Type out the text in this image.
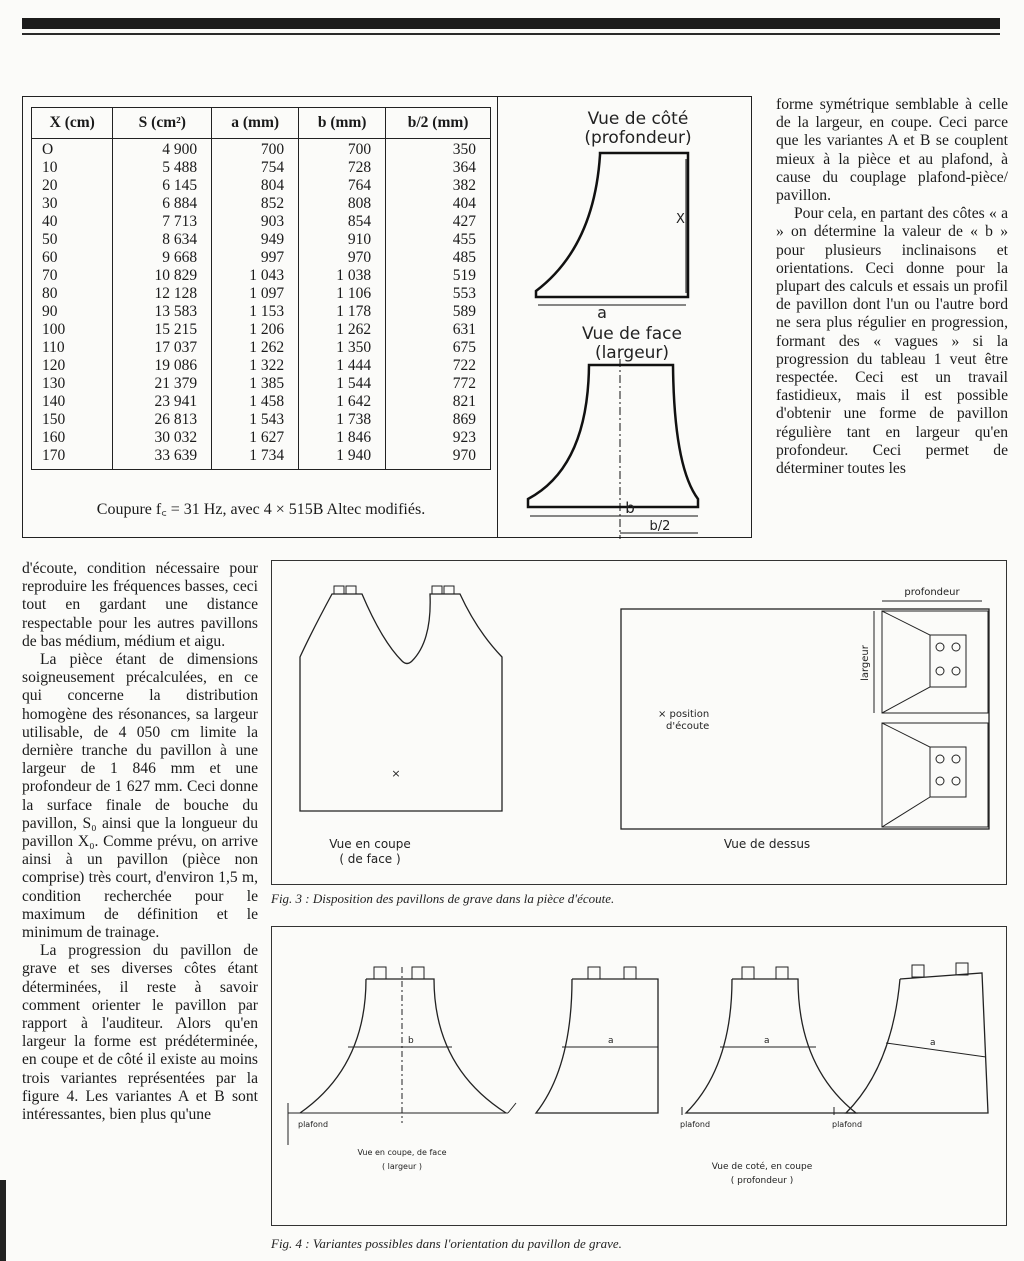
X (cm)	S (cm²)	a (mm)	b (mm)	b/2 (mm)
O	4 900	700	700	350
10	5 488	754	728	364
20	6 145	804	764	382
30	6 884	852	808	404
40	7 713	903	854	427
50	8 634	949	910	455
60	9 668	997	970	485
70	10 829	1 043	1 038	519
80	12 128	1 097	1 106	553
90	13 583	1 153	1 178	589
100	15 215	1 206	1 262	631
110	17 037	1 262	1 350	675
120	19 086	1 322	1 444	722
130	21 379	1 385	1 544	772
140	23 941	1 458	1 642	821
150	26 813	1 543	1 738	869
160	30 032	1 627	1 846	923
170	33 639	1 734	1 940	970
Coupure f꜀ = 31 Hz, avec 4 × 515B Altec modifiés.
Vue de côté
(profondeur)
X
a
Vue de face
(largeur)
b
b/2

forme symétrique semblable à celle de la largeur, en coupe. Ceci parce que les variantes A et B se couplent mieux à la pièce et au plafond, à cause du couplage plafond-pièce/ pavillon.

Pour cela, en partant des côtes « a » on détermine la valeur de « b » pour plusieurs inclinaisons et orientations. Ceci donne pour la plupart des calculs et essais un profil de pavillon dont l'un ou l'autre bord ne sera plus régulier en progression, formant des « vagues » si la progression du tableau 1 veut être respectée. Ceci est un travail fastidieux, mais il est possible d'obtenir une forme de pavillon régulière tant en largeur qu'en profondeur. Ceci permet de déterminer toutes les

d'écoute, condition nécessaire pour reproduire les fréquences basses, ceci tout en gardant une distance respectable pour les autres pavillons de bas médium, médium et aigu.

La pièce étant de dimensions soigneusement précalculées, en ce qui concerne la distribution homogène des résonances, sa largeur utilisable, de 4 050 cm limite la dernière tranche du pavillon à une largeur de 1 846 mm et une profondeur de 1 627 mm. Ceci donne la surface finale de bouche du pavillon, S₀ ainsi que la longueur du pavillon X₀. Comme prévu, on arrive ainsi à un pavillon (pièce non comprise) très court, d'environ 1,5 m, condition recherchée pour le maximum de définition et le minimum de trainage.

La progression du pavillon de grave et ses diverses côtes étant déterminées, il reste à savoir comment orienter le pavillon par rapport à l'auditeur. Alors qu'en largeur la forme est prédéterminée, en coupe et de côté il existe au moins trois variantes représentées par la figure 4. Les variantes A et B sont intéressantes, bien plus qu'une

×
Vue en coupe
( de face )
profondeur
largeur
× position
d'écoute
Vue de dessus
Fig. 3 : Disposition des pavillons de grave dans la pièce d'écoute.
plafond
b
Vue en coupe, de face
( largeur )
a
plafond
a
plafond
a
Vue de coté, en coupe
( profondeur )
Fig. 4 : Variantes possibles dans l'orientation du pavillon de grave.
